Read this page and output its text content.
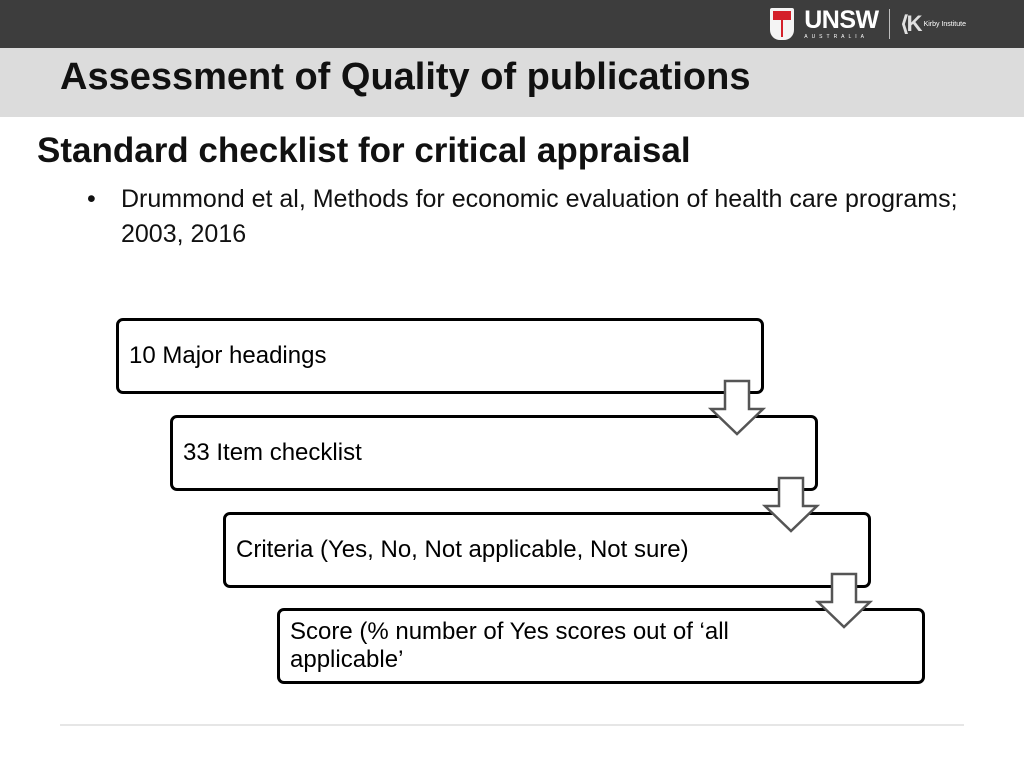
UNSW
AUSTRALIA
⟨K Kirby Institute
Assessment of Quality of publications
Standard checklist for critical appraisal
•	Drummond et al, Methods for economic evaluation of health care programs; 2003, 2016
10 Major headings
33 Item checklist
Criteria (Yes, No, Not applicable, Not sure)
Score (% number of Yes scores out of ‘all applicable’
